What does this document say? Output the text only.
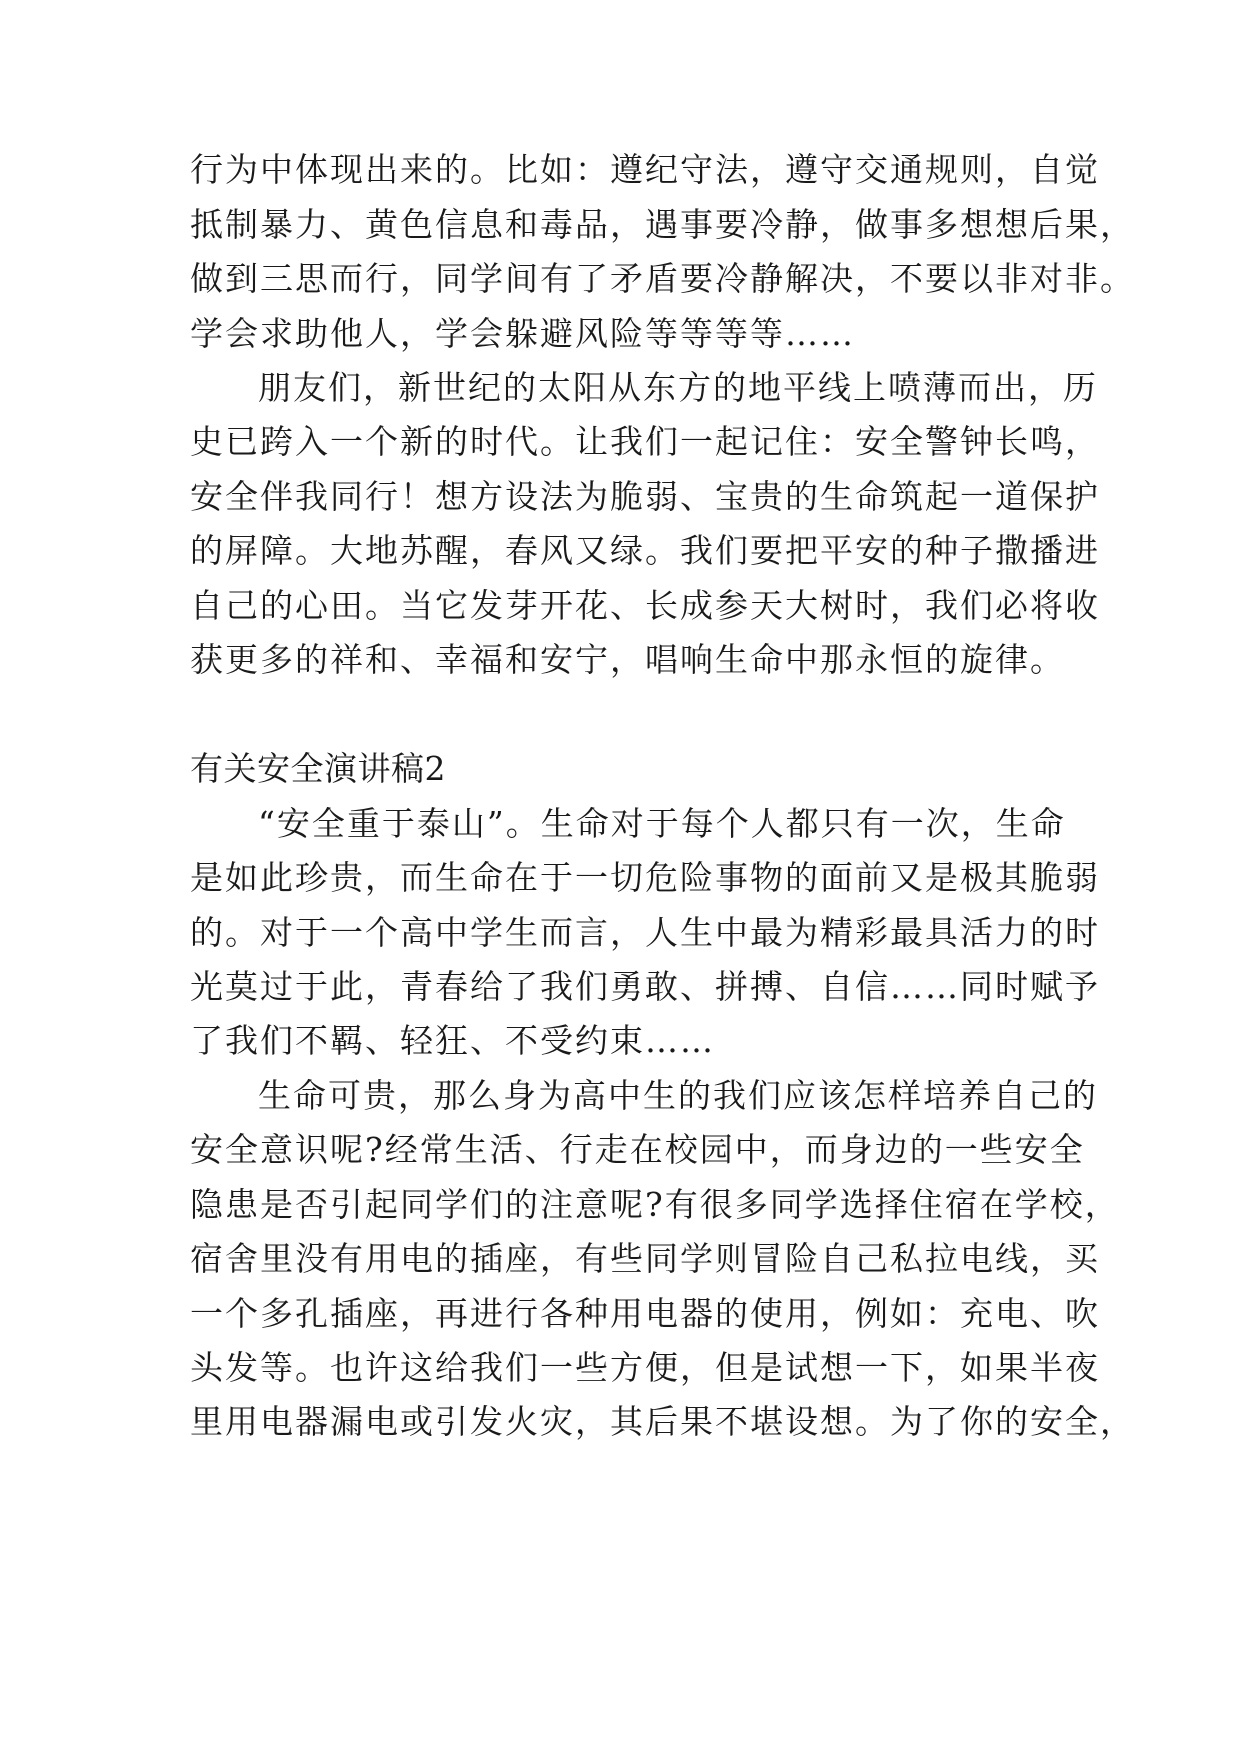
行为中体现出来的。比如：遵纪守法，遵守交通规则，自觉
抵制暴力、黄色信息和毒品，遇事要冷静，做事多想想后果，
做到三思而行，同学间有了矛盾要冷静解决，不要以非对非。
学会求助他人，学会躲避风险等等等等……
朋友们，新世纪的太阳从东方的地平线上喷薄而出，历
史已跨入一个新的时代。让我们一起记住：安全警钟长鸣，
安全伴我同行！想方设法为脆弱、宝贵的生命筑起一道保护
的屏障。大地苏醒，春风又绿。我们要把平安的种子撒播进
自己的心田。当它发芽开花、长成参天大树时，我们必将收
获更多的祥和、幸福和安宁，唱响生命中那永恒的旋律。
有关安全演讲稿2
“安全重于泰山”。生命对于每个人都只有一次，生命
是如此珍贵，而生命在于一切危险事物的面前又是极其脆弱
的。对于一个高中学生而言，人生中最为精彩最具活力的时
光莫过于此，青春给了我们勇敢、拼搏、自信……同时赋予
了我们不羁、轻狂、不受约束……
生命可贵，那么身为高中生的我们应该怎样培养自己的
安全意识呢?经常生活、行走在校园中，而身边的一些安全
隐患是否引起同学们的注意呢?有很多同学选择住宿在学校，
宿舍里没有用电的插座，有些同学则冒险自己私拉电线，买
一个多孔插座，再进行各种用电器的使用，例如：充电、吹
头发等。也许这给我们一些方便，但是试想一下，如果半夜
里用电器漏电或引发火灾，其后果不堪设想。为了你的安全，
